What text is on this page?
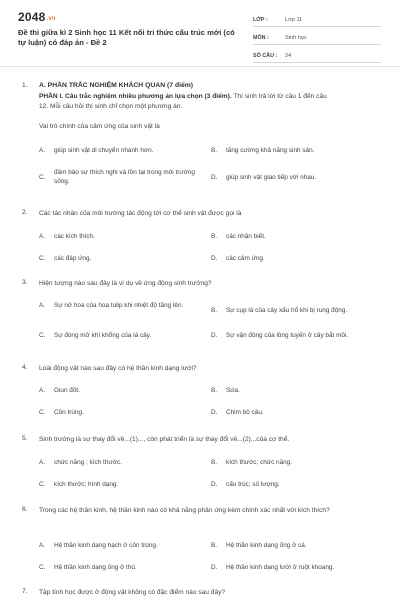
2048.vn
Đề thi giữa kì 2 Sinh học 11 Kết nối tri thức cấu trúc mới (có tự luận) có đáp án - Đề 2
LỚP :	Lớp 11
MÔN :	Sinh học
SỐ CÂU :	24
1. A. PHẦN TRẮC NGHIỆM KHÁCH QUAN (7 điểm)
PHẦN I. Câu trắc nghiệm nhiều phương án lựa chọn (3 điểm). Thí sinh trả lời từ câu 1 đến câu
12. Mỗi câu hỏi thí sinh chỉ chọn một phương án.
Vai trò chính của cảm ứng của sinh vật là
A.	giúp sinh vật di chuyển nhanh hơn.	B.	tăng cường khả năng sinh sản.
C.
đảm bảo sự thích nghi và tồn tại trong môi trường sống.
D.	giúp sinh vật giao tiếp với nhau.
2. Các tác nhân của môi trường tác động tới cơ thể sinh vật được gọi là
A.	các kích thích.	B.	các nhận biết.
C.	các đáp ứng.	D.	các cảm ứng.
3. Hiện tượng nào sau đây là ví dụ về ứng động sinh trưởng?
A.	Sự nở hoa của hoa tulip khi nhiệt độ tăng lên.
B.	Sự cụp lá của cây xấu hổ khi bị rung động.
C.	Sự đóng mở khí khổng của lá cây.	D.	Sự vận động của lông tuyến ở cây bắt mồi.
4. Loài động vật nào sau đây có hệ thần kinh dạng lưới?
A.	Giun đốt.	B.	Sứa.
C.	Côn trùng.	D.	Chim bồ câu.
5. Sinh trưởng là sự thay đổi về...(1)..., còn phát triển là sự thay đổi về...(2)...của cơ thể.
A.	chức năng ; kích thước.	B.	kích thước; chức năng.
C.	kích thước; hình dạng.	D.	cấu trúc; số lượng.
6. Trong các hệ thần kinh, hệ thần kinh nào có khả năng phản ứng kém chính xác nhất với kích thích?
A.	Hệ thần kinh dạng hạch ở côn trùng.	B.	Hệ thần kinh dạng ống ở cá.
C.	Hệ thần kinh dạng ống ở thú.	D.	Hệ thần kinh dạng lưới ở ruột khoang.
7. Tập tính học được ở động vật không có đặc điểm nào sau đây?
